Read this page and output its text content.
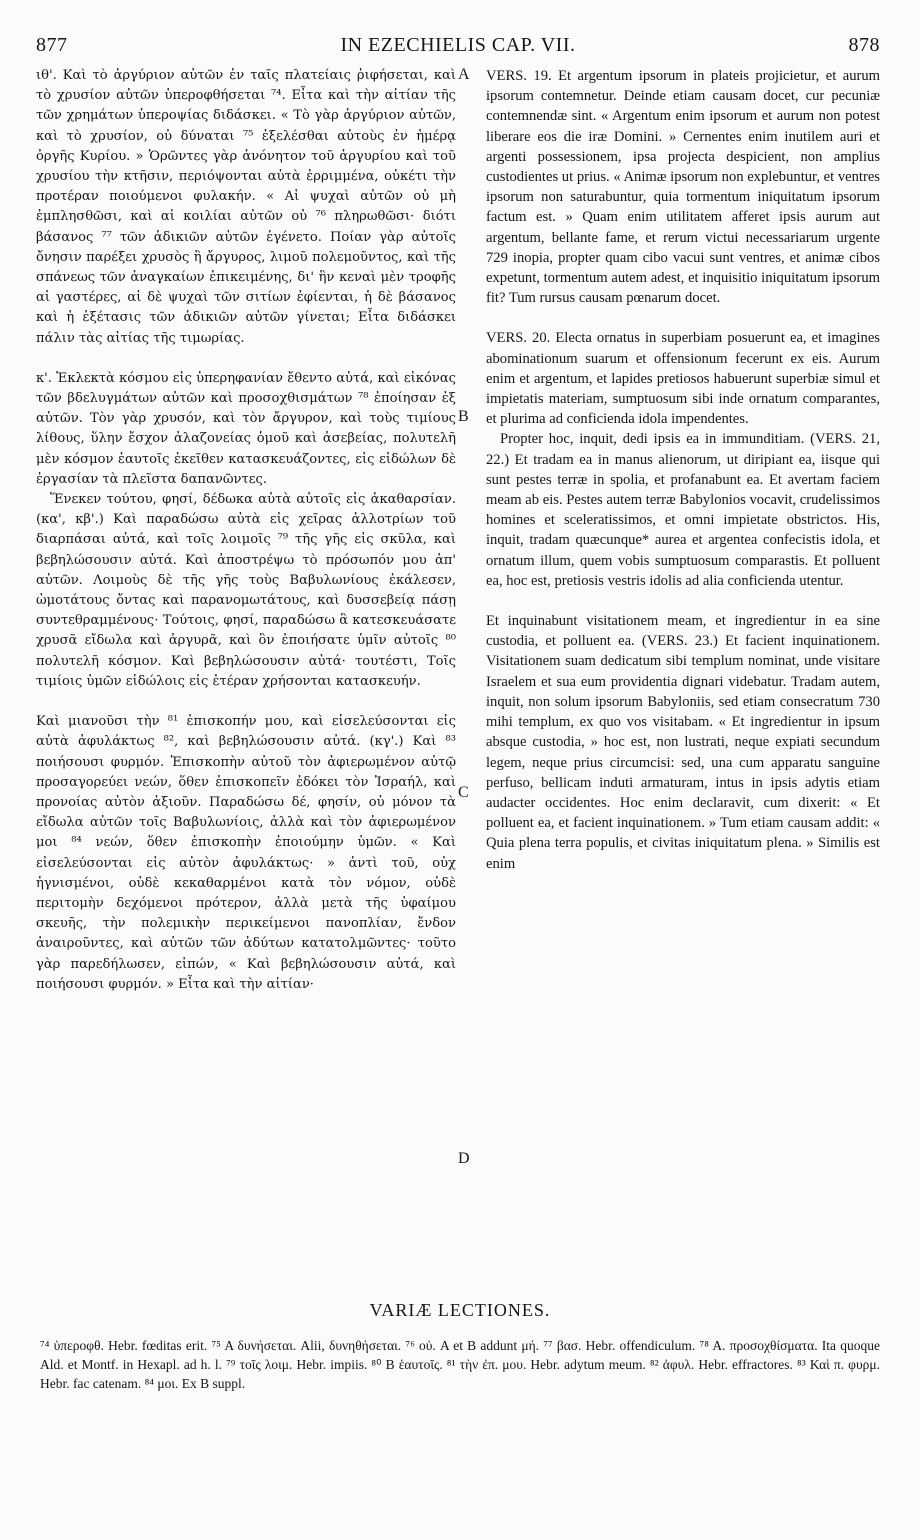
IN EZECHIELIS CAP. VII.
877	878

ιθ'. Καὶ τὸ ἀργύριον αὐτῶν ἐν ταῖς πλατείαις ῥιφήσεται, καὶ τὸ χρυσίον αὐτῶν ὑπεροφθήσεται ⁷⁴. Εἶτα καὶ τὴν αἰτίαν τῆς τῶν χρημάτων ὑπεροψίας διδάσκει. « Τὸ γὰρ ἀργύριον αὐτῶν, καὶ τὸ χρυσίον, οὐ δύναται ⁷⁵ ἐξελέσθαι αὐτοὺς ἐν ἡμέρᾳ ὀργῆς Κυρίου. » Ὁρῶντες γὰρ ἀνόνητον τοῦ ἀργυρίου καὶ τοῦ χρυσίου τὴν κτῆσιν, περιόψονται αὐτὰ ἐρριμμένα, οὐκέτι τὴν προτέραν ποιούμενοι φυλακήν. « Αἱ ψυχαὶ αὐτῶν οὐ μὴ ἐμπλησθῶσι, καὶ αἱ κοιλίαι αὐτῶν οὐ ⁷⁶ πληρωθῶσι· διότι βάσανος ⁷⁷ τῶν ἀδικιῶν αὐτῶν ἐγένετο. Ποίαν γὰρ αὐτοῖς ὄνησιν παρέξει χρυσὸς ἢ ἄργυρος, λιμοῦ πολεμοῦντος, καὶ τῆς σπάνεως τῶν ἀναγκαίων ἐπικειμένης, δι' ἣν κεναὶ μὲν τροφῆς αἱ γαστέρες, αἱ δὲ ψυχαὶ τῶν σιτίων ἐφίενται, ἡ δὲ βάσανος καὶ ἡ ἐξέτασις τῶν ἀδικιῶν αὐτῶν γίνεται; Εἶτα διδάσκει πάλιν τὰς αἰτίας τῆς τιμωρίας.

κ'. Ἐκλεκτὰ κόσμου εἰς ὑπερηφανίαν ἔθεντο αὐτά, καὶ εἰκόνας τῶν βδελυγμάτων αὐτῶν καὶ προσοχθισμάτων ⁷⁸ ἐποίησαν ἐξ αὐτῶν. Τὸν γὰρ χρυσόν, καὶ τὸν ἄργυρον, καὶ τοὺς τιμίους λίθους, ὕλην ἔσχον ἀλαζονείας ὁμοῦ καὶ ἀσεβείας, πολυτελῆ μὲν κόσμον ἑαυτοῖς ἐκεῖθεν κατασκευάζοντες, εἰς εἰδώλων δὲ ἐργασίαν τὰ πλεῖστα δαπανῶντες.

Ἕνεκεν τούτου, φησί, δέδωκα αὐτὰ αὐτοῖς εἰς ἀκαθαρσίαν. (κα', κβ'.) Καὶ παραδώσω αὐτὰ εἰς χεῖρας ἀλλοτρίων τοῦ διαρπάσαι αὐτά, καὶ τοῖς λοιμοῖς ⁷⁹ τῆς γῆς εἰς σκῦλα, καὶ βεβηλώσουσιν αὐτά. Καὶ ἀποστρέψω τὸ πρόσωπόν μου ἀπ' αὐτῶν. Λοιμοὺς δὲ τῆς γῆς τοὺς Βαβυλωνίους ἐκάλεσεν, ὠμοτάτους ὄντας καὶ παρανομωτάτους, καὶ δυσσεβείᾳ πάσῃ συντεθραμμένους· Τούτοις, φησί, παραδώσω ἃ κατεσκευάσατε χρυσᾶ εἴδωλα καὶ ἀργυρᾶ, καὶ ὃν ἐποιήσατε ὑμῖν αὐτοῖς ⁸⁰ πολυτελῆ κόσμον. Καὶ βεβηλώσουσιν αὐτά· τουτέστι, Τοῖς τιμίοις ὑμῶν εἰδώλοις εἰς ἑτέραν χρήσονται κατασκευήν.

Καὶ μιανοῦσι τὴν ⁸¹ ἐπισκοπήν μου, καὶ εἰσελεύσονται εἰς αὐτὰ ἀφυλάκτως ⁸², καὶ βεβηλώσουσιν αὐτά. (κγ'.) Καὶ ⁸³ ποιήσουσι φυρμόν. Ἐπισκοπὴν αὐτοῦ τὸν ἀφιερωμένον αὐτῷ προσαγορεύει νεών, ὅθεν ἐπισκοπεῖν ἐδόκει τὸν Ἰσραήλ, καὶ προνοίας αὐτὸν ἀξιοῦν. Παραδώσω δέ, φησίν, οὐ μόνον τὰ εἴδωλα αὐτῶν τοῖς Βαβυλωνίοις, ἀλλὰ καὶ τὸν ἀφιερωμένον μοι ⁸⁴ νεών, ὅθεν ἐπισκοπὴν ἐποιούμην ὑμῶν. « Καὶ εἰσελεύσονται εἰς αὐτὸν ἀφυλάκτως· » ἀντὶ τοῦ, οὐχ ἡγνισμένοι, οὐδὲ κεκαθαρμένοι κατὰ τὸν νόμον, οὐδὲ περιτομὴν δεχόμενοι πρότερον, ἀλλὰ μετὰ τῆς ὑφαίμου σκευῆς, τὴν πολεμικὴν περικείμενοι πανοπλίαν, ἔνδον ἀναιροῦντες, καὶ αὐτῶν τῶν ἀδύτων κατατολμῶντες· τοῦτο γὰρ παρεδήλωσεν, εἰπών, « Καὶ βεβηλώσουσιν αὐτά, καὶ ποιήσουσι φυρμόν. » Εἶτα καὶ τὴν αἰτίαν·

VERS. 19. Et argentum ipsorum in plateis projicietur, et aurum ipsorum contemnetur. Deinde etiam causam docet, cur pecuniæ contemnendæ sint. « Argentum enim ipsorum et aurum non potest liberare eos die iræ Domini. » Cernentes enim inutilem auri et argenti possessionem, ipsa projecta despicient, non amplius custodientes ut prius. « Animæ ipsorum non explebuntur, et ventres ipsorum non saturabuntur, quia tormentum iniquitatum ipsorum factum est. » Quam enim utilitatem afferet ipsis aurum aut argentum, bellante fame, et rerum victui necessariarum urgente 729 inopia, propter quam cibo vacui sunt ventres, et animæ cibos expetunt, tormentum autem adest, et inquisitio iniquitatum ipsorum fit? Tum rursus causam pœnarum docet.

VERS. 20. Electa ornatus in superbiam posuerunt ea, et imagines abominationum suarum et offensionum fecerunt ex eis. Aurum enim et argentum, et lapides pretiosos habuerunt superbiæ simul et impietatis materiam, sumptuosum sibi inde ornatum comparantes, et plurima ad conficienda idola impendentes.

Propter hoc, inquit, dedi ipsis ea in immunditiam. (VERS. 21, 22.) Et tradam ea in manus alienorum, ut diripiant ea, iisque qui sunt pestes terræ in spolia, et profanabunt ea. Et avertam faciem meam ab eis. Pestes autem terræ Babylonios vocavit, crudelissimos homines et sceleratissimos, et omni impietate obstrictos. His, inquit, tradam quæcunque* aurea et argentea confecistis idola, et ornatum illum, quem vobis sumptuosum comparastis. Et polluent ea, hoc est, pretiosis vestris idolis ad alia conficienda utentur.

Et inquinabunt visitationem meam, et ingredientur in ea sine custodia, et polluent ea. (VERS. 23.) Et facient inquinationem. Visitationem suam dedicatum sibi templum nominat, unde visitare Israelem et sua eum providentia dignari videbatur. Tradam autem, inquit, non solum ipsorum Babyloniis, sed etiam consecratum 730 mihi templum, ex quo vos visitabam. « Et ingredientur in ipsum absque custodia, » hoc est, non lustrati, neque expiati secundum legem, neque prius circumcisi: sed, una cum apparatu sanguine perfuso, bellicam induti armaturam, intus in ipsis adytis etiam audacter occidentes. Hoc enim declaravit, cum dixerit: « Et polluent ea, et facient inquinationem. » Tum etiam causam addit: « Quia plena terra populis, et civitas iniquitatum plena. » Similis est enim

A
B
C
D
VARIÆ LECTIONES.

⁷⁴ ὑπεροφθ. Hebr. fœditas erit. ⁷⁵ A δυνήσεται. Alii, δυνηθήσεται. ⁷⁶ οὐ. A et B addunt μή. ⁷⁷ βασ. Hebr. offendiculum. ⁷⁸ A. προσοχθίσματα. Ita quoque Ald. et Montf. in Hexapl. ad h. l. ⁷⁹ τοῖς λοιμ. Hebr. impiis. ⁸⁰ B ἑαυτοῖς. ⁸¹ τὴν ἐπ. μου. Hebr. adytum meum. ⁸² ἀφυλ. Hebr. effractores. ⁸³ Καὶ π. φυρμ. Hebr. fac catenam. ⁸⁴ μοι. Ex B suppl.
